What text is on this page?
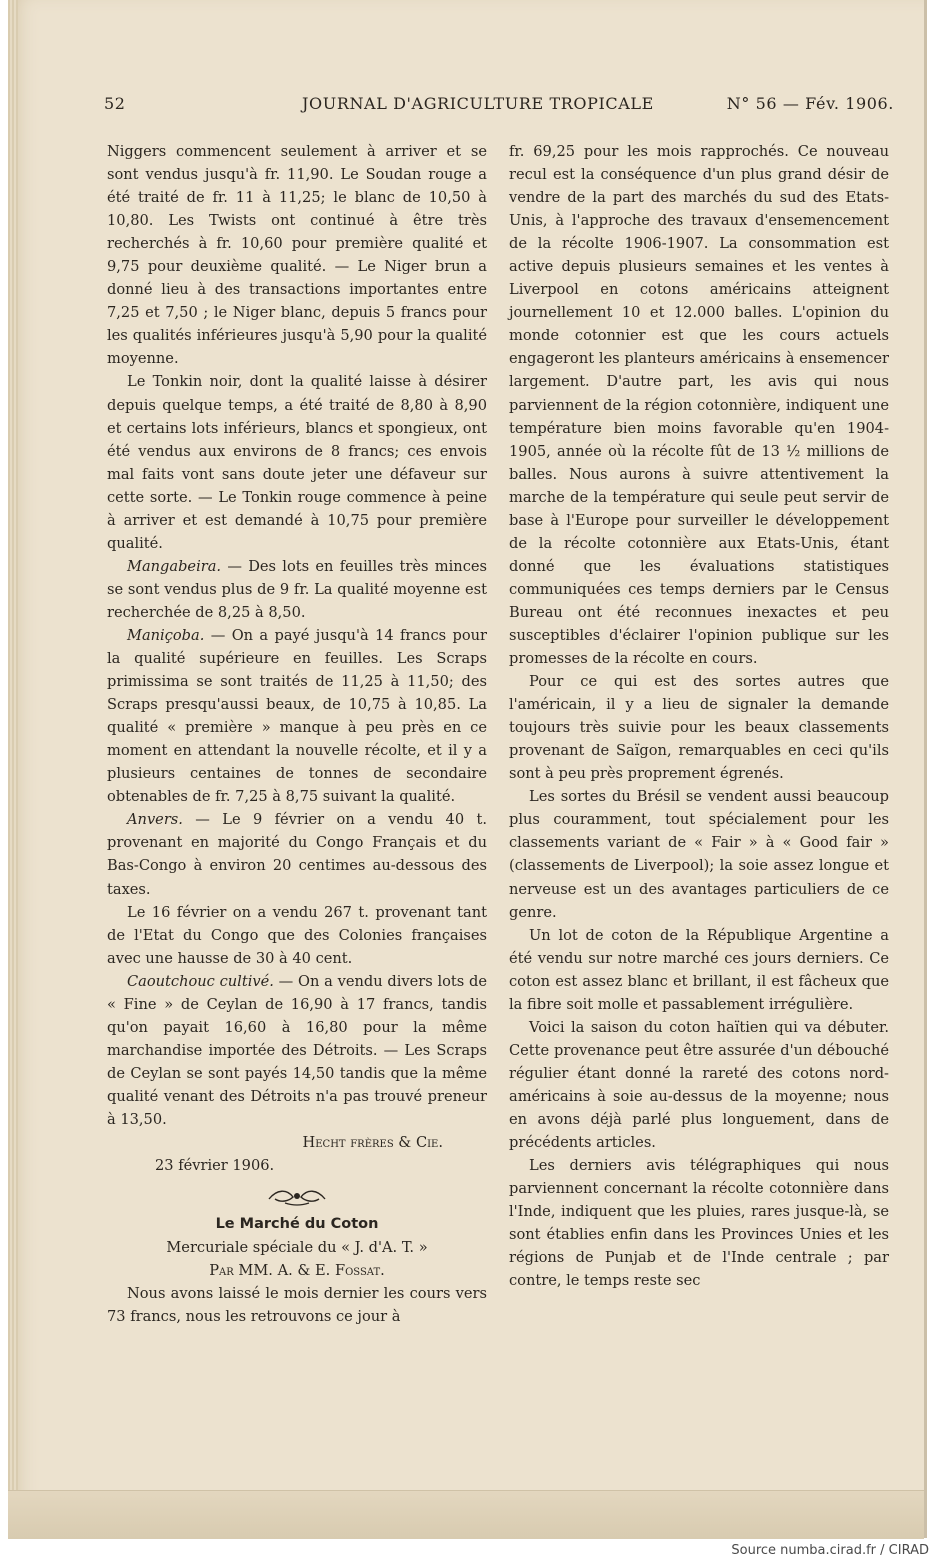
52	JOURNAL D'AGRICULTURE TROPICALE	N° 56 — Fév. 1906.

Niggers commencent seulement à arriver et se sont vendus jusqu'à fr. 11,90. Le Soudan rouge a été traité de fr. 11 à 11,25; le blanc de 10,50 à 10,80. Les Twists ont continué à être très recherchés à fr. 10,60 pour première qualité et 9,75 pour deuxième qualité. — Le Niger brun a donné lieu à des transactions importantes entre 7,25 et 7,50 ; le Niger blanc, depuis 5 francs pour les qualités inférieures jusqu'à 5,90 pour la qualité moyenne.

Le Tonkin noir, dont la qualité laisse à désirer depuis quelque temps, a été traité de 8,80 à 8,90 et certains lots inférieurs, blancs et spongieux, ont été vendus aux environs de 8 francs; ces envois mal faits vont sans doute jeter une défaveur sur cette sorte. — Le Tonkin rouge commence à peine à arriver et est demandé à 10,75 pour première qualité.

Mangabeira. — Des lots en feuilles très minces se sont vendus plus de 9 fr. La qualité moyenne est recherchée de 8,25 à 8,50.

Maniçoba. — On a payé jusqu'à 14 francs pour la qualité supérieure en feuilles. Les Scraps primissima se sont traités de 11,25 à 11,50; des Scraps presqu'aussi beaux, de 10,75 à 10,85. La qualité « première » manque à peu près en ce moment en attendant la nouvelle récolte, et il y a plusieurs centaines de tonnes de secondaire obtenables de fr. 7,25 à 8,75 suivant la qualité.

Anvers. — Le 9 février on a vendu 40 t. provenant en majorité du Congo Français et du Bas-Congo à environ 20 centimes au-dessous des taxes.

Le 16 février on a vendu 267 t. provenant tant de l'Etat du Congo que des Colonies françaises avec une hausse de 30 à 40 cent.

Caoutchouc cultivé. — On a vendu divers lots de « Fine » de Ceylan de 16,90 à 17 francs, tandis qu'on payait 16,60 à 16,80 pour la même marchandise importée des Détroits. — Les Scraps de Ceylan se sont payés 14,50 tandis que la même qualité venant des Détroits n'a pas trouvé preneur à 13,50.

Hecht frères & Cie.

23 février 1906.

Le Marché du Coton

Mercuriale spéciale du « J. d'A. T. »

Par MM. A. & E. Fossat.

Nous avons laissé le mois dernier les cours vers 73 francs, nous les retrouvons ce jour à

fr. 69,25 pour les mois rapprochés. Ce nouveau recul est la conséquence d'un plus grand désir de vendre de la part des marchés du sud des Etats-Unis, à l'approche des travaux d'ensemencement de la récolte 1906-1907. La consommation est active depuis plusieurs semaines et les ventes à Liverpool en cotons américains atteignent journellement 10 et 12.000 balles. L'opinion du monde cotonnier est que les cours actuels engageront les planteurs américains à ensemencer largement. D'autre part, les avis qui nous parviennent de la région cotonnière, indiquent une température bien moins favorable qu'en 1904-1905, année où la récolte fût de 13 ½ millions de balles. Nous aurons à suivre attentivement la marche de la température qui seule peut servir de base à l'Europe pour surveiller le développement de la récolte cotonnière aux Etats-Unis, étant donné que les évaluations statistiques communiquées ces temps derniers par le Census Bureau ont été reconnues inexactes et peu susceptibles d'éclairer l'opinion publique sur les promesses de la récolte en cours.

Pour ce qui est des sortes autres que l'américain, il y a lieu de signaler la demande toujours très suivie pour les beaux classements provenant de Saïgon, remarquables en ceci qu'ils sont à peu près proprement égrenés.

Les sortes du Brésil se vendent aussi beaucoup plus couramment, tout spécialement pour les classements variant de « Fair » à « Good fair » (classements de Liverpool); la soie assez longue et nerveuse est un des avantages particuliers de ce genre.

Un lot de coton de la République Argentine a été vendu sur notre marché ces jours derniers. Ce coton est assez blanc et brillant, il est fâcheux que la fibre soit molle et passablement irrégulière.

Voici la saison du coton haïtien qui va débuter. Cette provenance peut être assurée d'un débouché régulier étant donné la rareté des cotons nord-américains à soie au-dessus de la moyenne; nous en avons déjà parlé plus longuement, dans de précédents articles.

Les derniers avis télégraphiques qui nous parviennent concernant la récolte cotonnière dans l'Inde, indiquent que les pluies, rares jusque-là, se sont établies enfin dans les Provinces Unies et les régions de Punjab et de l'Inde centrale ; par contre, le temps reste sec

Source numba.cirad.fr / CIRAD
